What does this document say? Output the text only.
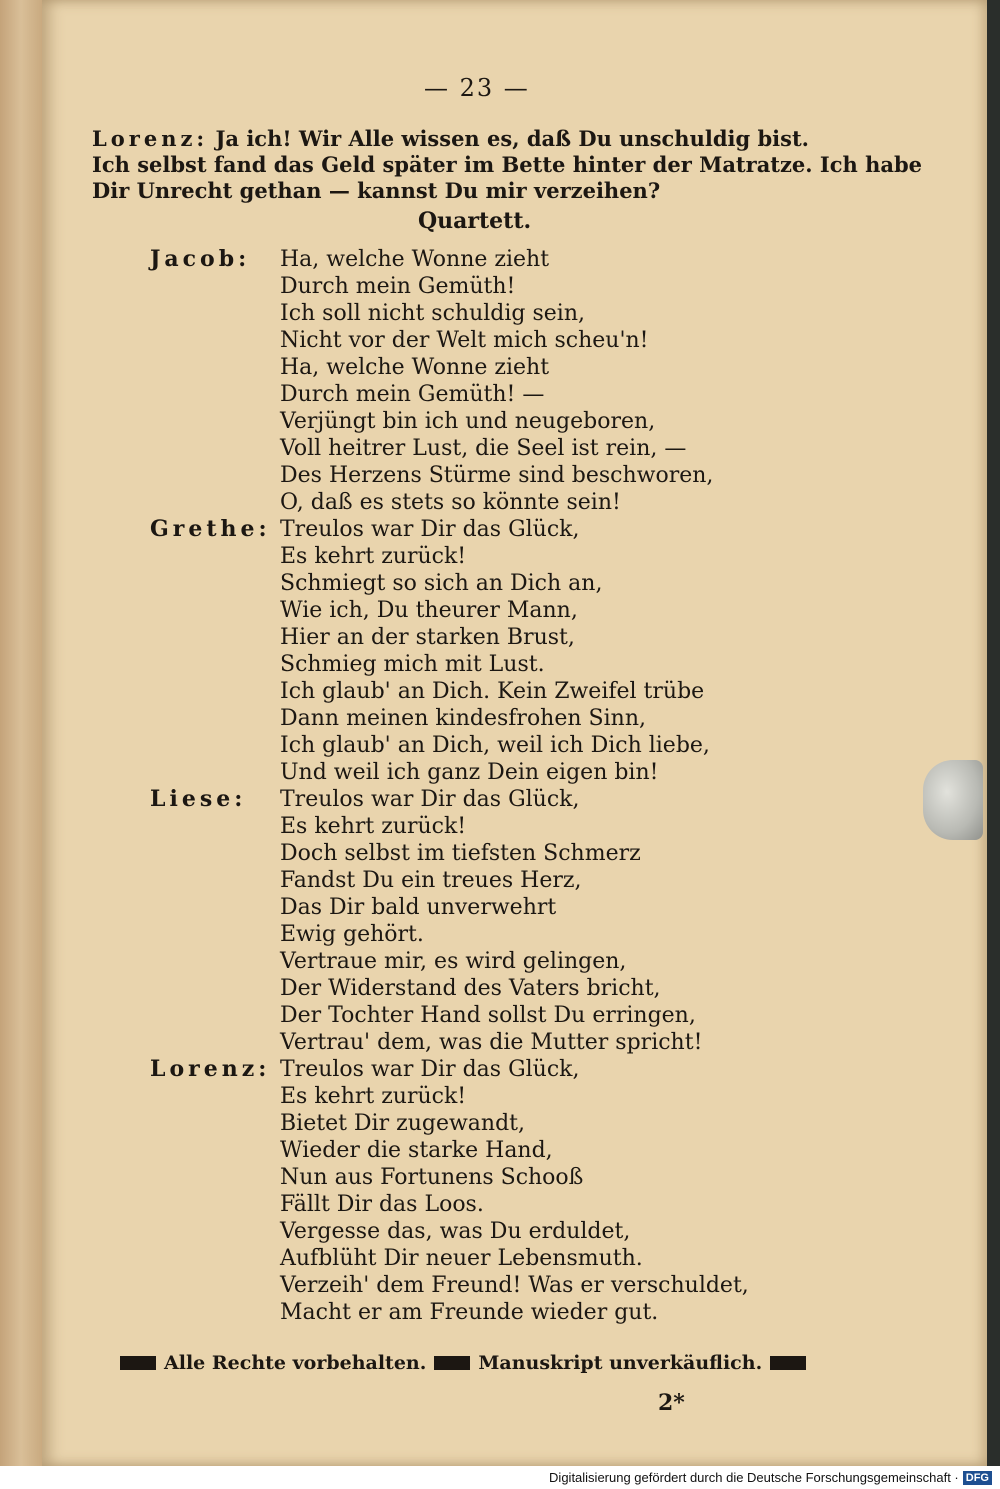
— 23 —
Lorenz: Ja ich! Wir Alle wissen es, daß Du unschuldig bist.
Ich selbst fand das Geld später im Bette hinter der Matratze. Ich habe
Dir Unrecht gethan — kannst Du mir verzeihen?
Quartett.
Jacob:	Ha, welche Wonne zieht
Durch mein Gemüth!
Ich soll nicht schuldig sein,
Nicht vor der Welt mich scheu'n!
Ha, welche Wonne zieht
Durch mein Gemüth! —
Verjüngt bin ich und neugeboren,
Voll heitrer Lust, die Seel ist rein, —
Des Herzens Stürme sind beschworen,
O, daß es stets so könnte sein!
Grethe: Treulos war Dir das Glück,
Es kehrt zurück!
Schmiegt so sich an Dich an,
Wie ich, Du theurer Mann,
Hier an der starken Brust,
Schmieg mich mit Lust.
Ich glaub' an Dich. Kein Zweifel trübe
Dann meinen kindesfrohen Sinn,
Ich glaub' an Dich, weil ich Dich liebe,
Und weil ich ganz Dein eigen bin!
Liese:	Treulos war Dir das Glück,
Es kehrt zurück!
Doch selbst im tiefsten Schmerz
Fandst Du ein treues Herz,
Das Dir bald unverwehrt
Ewig gehört.
Vertraue mir, es wird gelingen,
Der Widerstand des Vaters bricht,
Der Tochter Hand sollst Du erringen,
Vertrau' dem, was die Mutter spricht!
Lorenz: Treulos war Dir das Glück,
Es kehrt zurück!
Bietet Dir zugewandt,
Wieder die starke Hand,
Nun aus Fortunens Schooß
Fällt Dir das Loos.
Vergesse das, was Du erduldet,
Aufblüht Dir neuer Lebensmuth.
Verzeih' dem Freund! Was er verschuldet,
Macht er am Freunde wieder gut.
Alle Rechte vorbehalten.	Manuskript unverkäuflich.
2*
Digitalisierung gefördert durch die Deutsche Forschungsgemeinschaft · DFG
